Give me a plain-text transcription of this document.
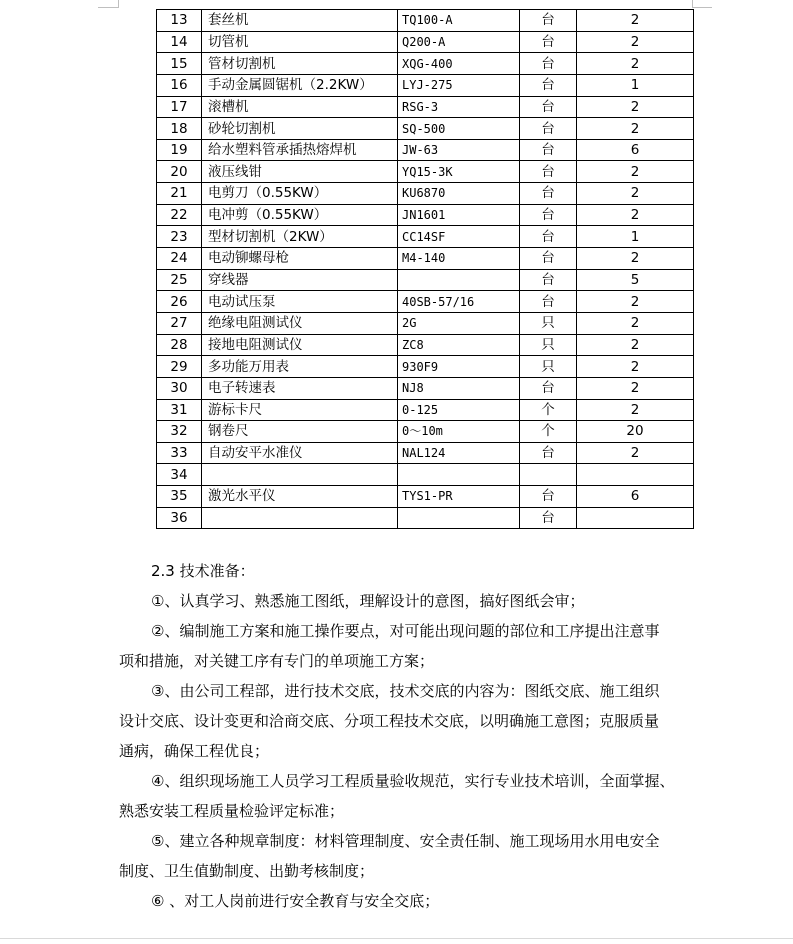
13	套丝机	TQ100-A	台	2
14	切管机	Q200-A	台	2
15	管材切割机	XQG-400	台	2
16	手动金属圆锯机（2.2KW）	LYJ-275	台	1
17	滚槽机	RSG-3	台	2
18	砂轮切割机	SQ-500	台	2
19	给水塑料管承插热熔焊机	JW-63	台	6
20	液压线钳	YQ15-3K	台	2
21	电剪刀（0.55KW）	KU6870	台	2
22	电冲剪（0.55KW）	JN1601	台	2
23	型材切割机（2KW）	CC14SF	台	1
24	电动铆螺母枪	M4-140	台	2
25	穿线器		台	5
26	电动试压泵	40SB-57/16	台	2
27	绝缘电阻测试仪	2G	只	2
28	接地电阻测试仪	ZC8	只	2
29	多功能万用表	930F9	只	2
30	电子转速表	NJ8	台	2
31	游标卡尺	0-125	个	2
32	钢卷尺	0～10m	个	20
33	自动安平水准仪	NAL124	台	2
34				
35	激光水平仪	TYS1-PR	台	6
36			台	

2.3 技术准备：

①、认真学习、熟悉施工图纸，理解设计的意图，搞好图纸会审；

②、编制施工方案和施工操作要点，对可能出现问题的部位和工序提出注意事

项和措施，对关键工序有专门的单项施工方案；

③、由公司工程部，进行技术交底，技术交底的内容为：图纸交底、施工组织

设计交底、设计变更和洽商交底、分项工程技术交底，以明确施工意图；克服质量

通病，确保工程优良；

④、组织现场施工人员学习工程质量验收规范，实行专业技术培训，全面掌握、

熟悉安装工程质量检验评定标准；

⑤、建立各种规章制度：材料管理制度、安全责任制、施工现场用水用电安全

制度、卫生值勤制度、出勤考核制度；

⑥ 、对工人岗前进行安全教育与安全交底；
